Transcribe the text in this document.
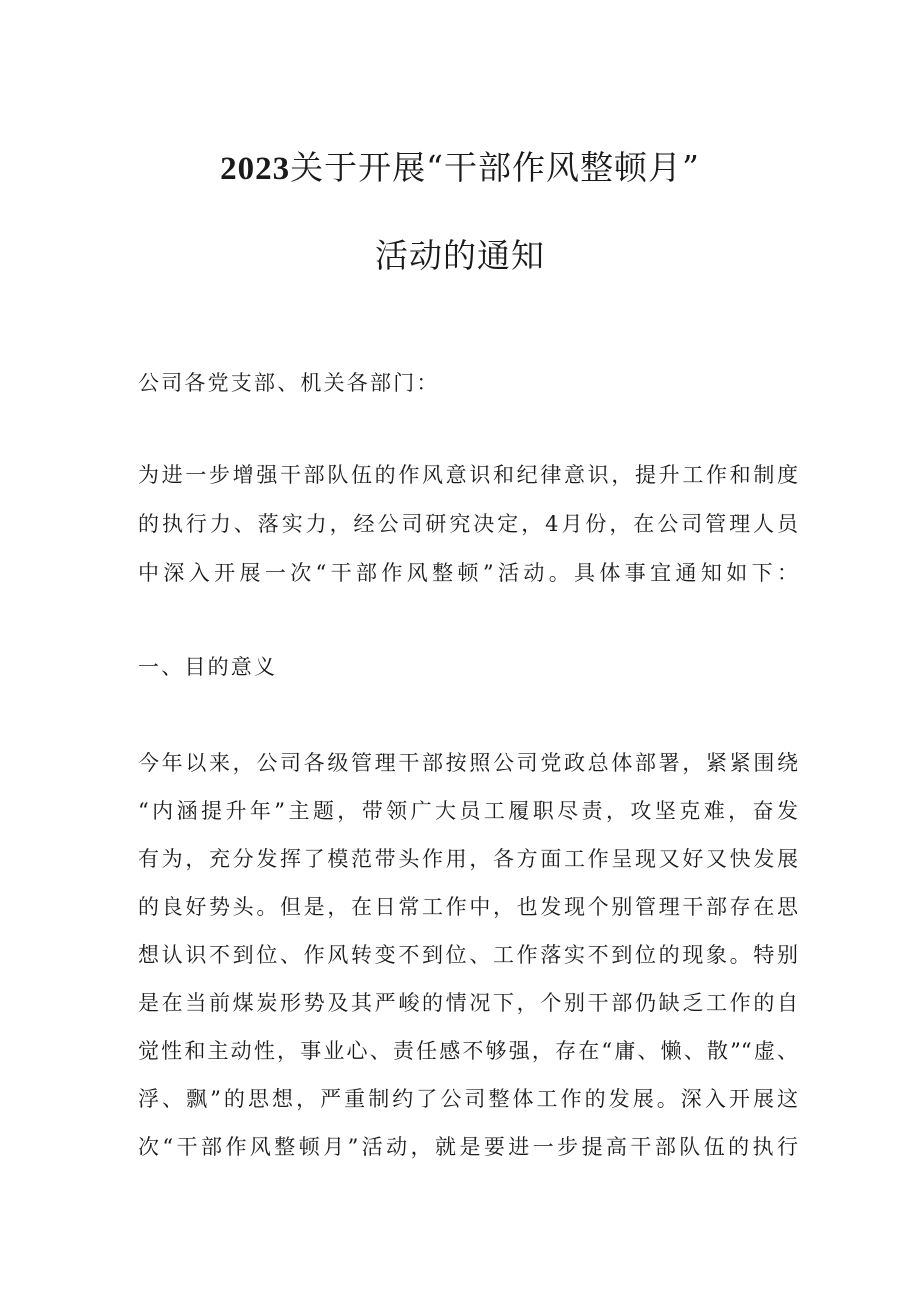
2023关于开展“干部作风整顿月”
活动的通知

公司各党支部、机关各部门：

为进一步增强干部队伍的作风意识和纪律意识，提升工作和制度

的执行力、落实力，经公司研究决定，4月份，在公司管理人员

中深入开展一次“干部作风整顿”活动。具体事宜通知如下：

一、目的意义

今年以来，公司各级管理干部按照公司党政总体部署，紧紧围绕

“内涵提升年”主题，带领广大员工履职尽责，攻坚克难，奋发

有为，充分发挥了模范带头作用，各方面工作呈现又好又快发展

的良好势头。但是，在日常工作中，也发现个别管理干部存在思

想认识不到位、作风转变不到位、工作落实不到位的现象。特别

是在当前煤炭形势及其严峻的情况下，个别干部仍缺乏工作的自

觉性和主动性，事业心、责任感不够强，存在“庸、懒、散”“虚、

浮、飘”的思想，严重制约了公司整体工作的发展。深入开展这

次“干部作风整顿月”活动，就是要进一步提高干部队伍的执行
